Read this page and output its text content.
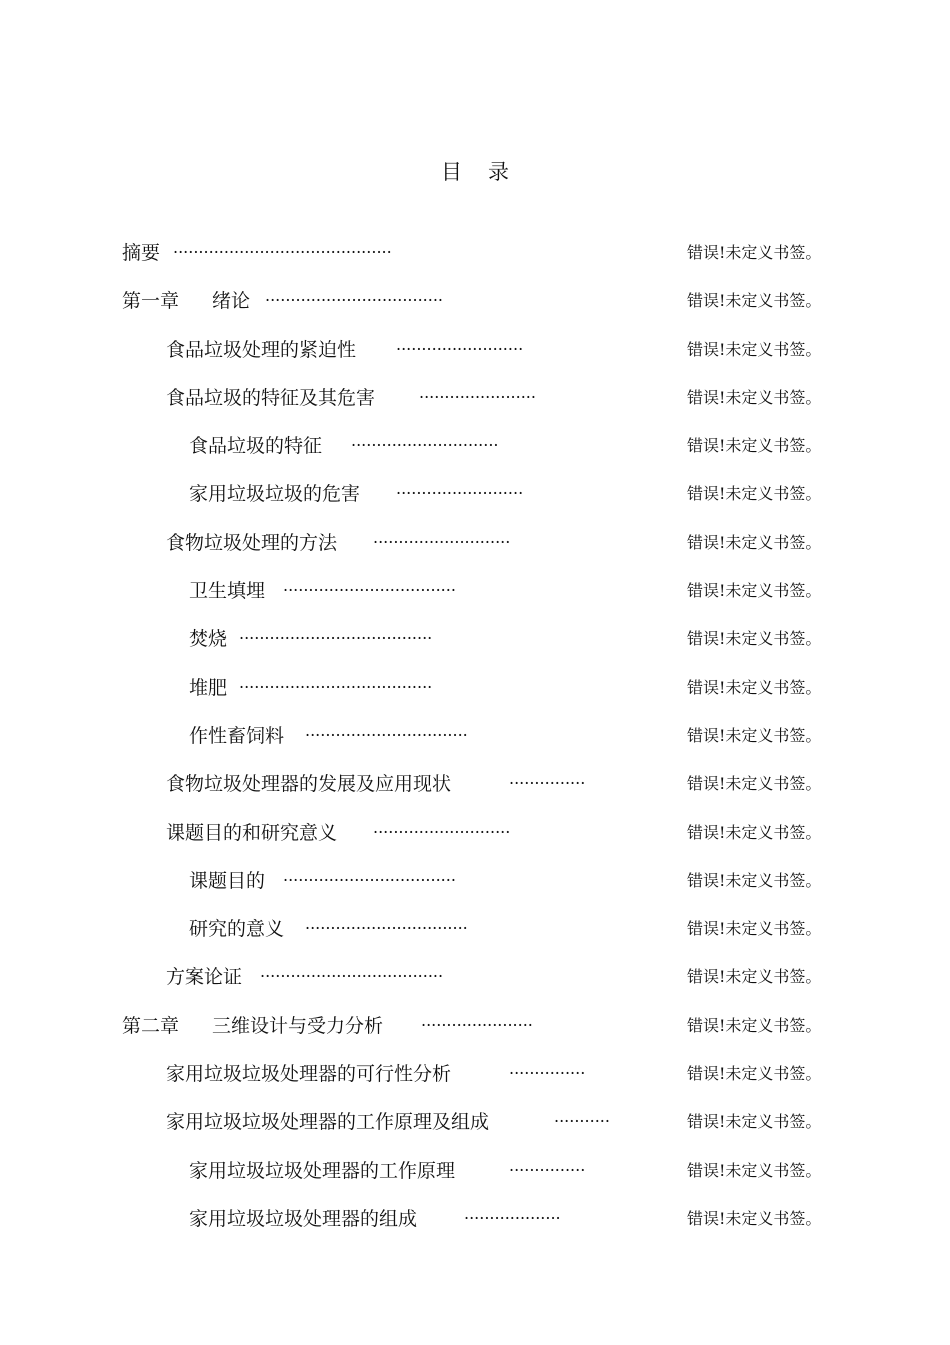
目 录
摘要 ...........................................	错误!未定义书签。
第一章 绪论 ...................................	错误!未定义书签。
食品垃圾处理的紧迫性 .........................	错误!未定义书签。
食品垃圾的特征及其危害	.......................	错误!未定义书签。
食品垃圾的特征 .............................	错误!未定义书签。
家用垃圾垃圾的危害 .........................	错误!未定义书签。
食物垃圾处理的方法 ...........................	错误!未定义书签。
卫生填埋 ..................................	错误!未定义书签。
焚烧 ......................................	错误!未定义书签。
堆肥 ......................................	错误!未定义书签。
作性畜饲料 ................................	错误!未定义书签。
食物垃圾处理器的发展及应用现状	...............	错误!未定义书签。
课题目的和研究意义 ...........................	错误!未定义书签。
课题目的 ..................................	错误!未定义书签。
研究的意义 ................................	错误!未定义书签。
方案论证 ....................................	错误!未定义书签。
第二章 三维设计与受力分析 ......................	错误!未定义书签。
家用垃圾垃圾处理器的可行性分析	...............	错误!未定义书签。
家用垃圾垃圾处理器的工作原理及组成	...........	错误!未定义书签。
家用垃圾垃圾处理器的工作原理	...............	错误!未定义书签。
家用垃圾垃圾处理器的组成	...................	错误!未定义书签。
